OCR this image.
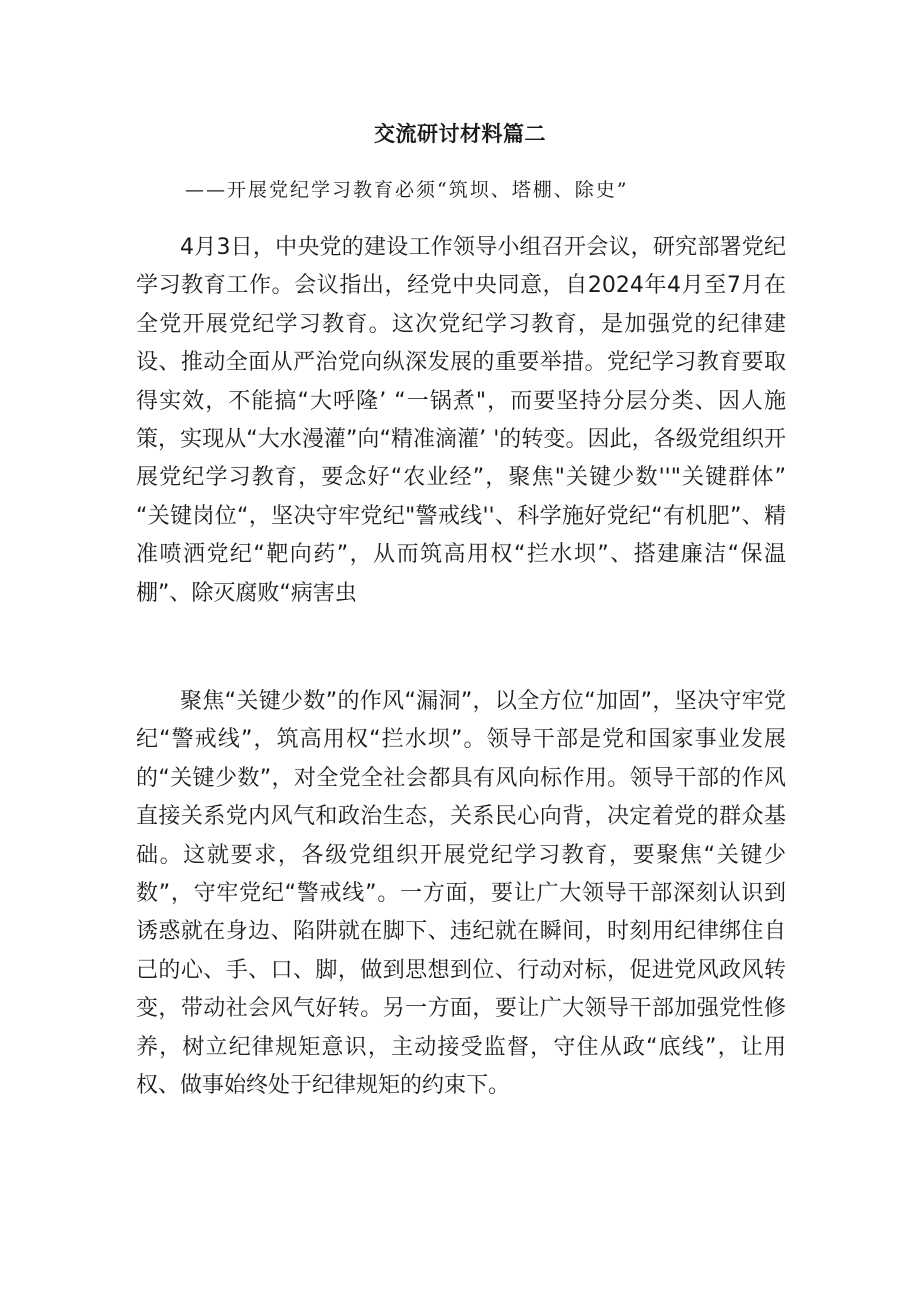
交流研讨材料篇二

——开展党纪学习教育必须“筑坝、塔棚、除史”

4月3日，中央党的建设工作领导小组召开会议，研究部署党纪学习教育工作。会议指出，经党中央同意，自2024年4月至7月在全党开展党纪学习教育。这次党纪学习教育，是加强党的纪律建设、推动全面从严治党向纵深发展的重要举措。党纪学习教育要取得实效，不能搞“大呼隆’ “一锅煮"，而要坚持分层分类、因人施策，实现从“大水漫灌”向“精准滴灌’ '的转变。因此，各级党组织开展党纪学习教育，要念好“农业经”，聚焦"关键少数''"关键群体” “关键岗位“，坚决守牢党纪"警戒线''、科学施好党纪“有机肥”、精准喷洒党纪“靶向药”，从而筑高用权“拦水坝”、搭建廉洁“保温棚”、除灭腐败“病害虫

聚焦“关键少数”的作风“漏洞”，以全方位“加固”，坚决守牢党纪“警戒线”，筑高用权“拦水坝”。领导干部是党和国家事业发展的“关键少数”，对全党全社会都具有风向标作用。领导干部的作风直接关系党内风气和政治生态，关系民心向背，决定着党的群众基础。这就要求，各级党组织开展党纪学习教育，要聚焦“关键少数”，守牢党纪“警戒线”。一方面，要让广大领导干部深刻认识到诱惑就在身边、陷阱就在脚下、违纪就在瞬间，时刻用纪律绑住自己的心、手、口、脚，做到思想到位、行动对标，促进党风政风转变，带动社会风气好转。另一方面，要让广大领导干部加强党性修养，树立纪律规矩意识，主动接受监督，守住从政“底线”，让用权、做事始终处于纪律规矩的约束下。
